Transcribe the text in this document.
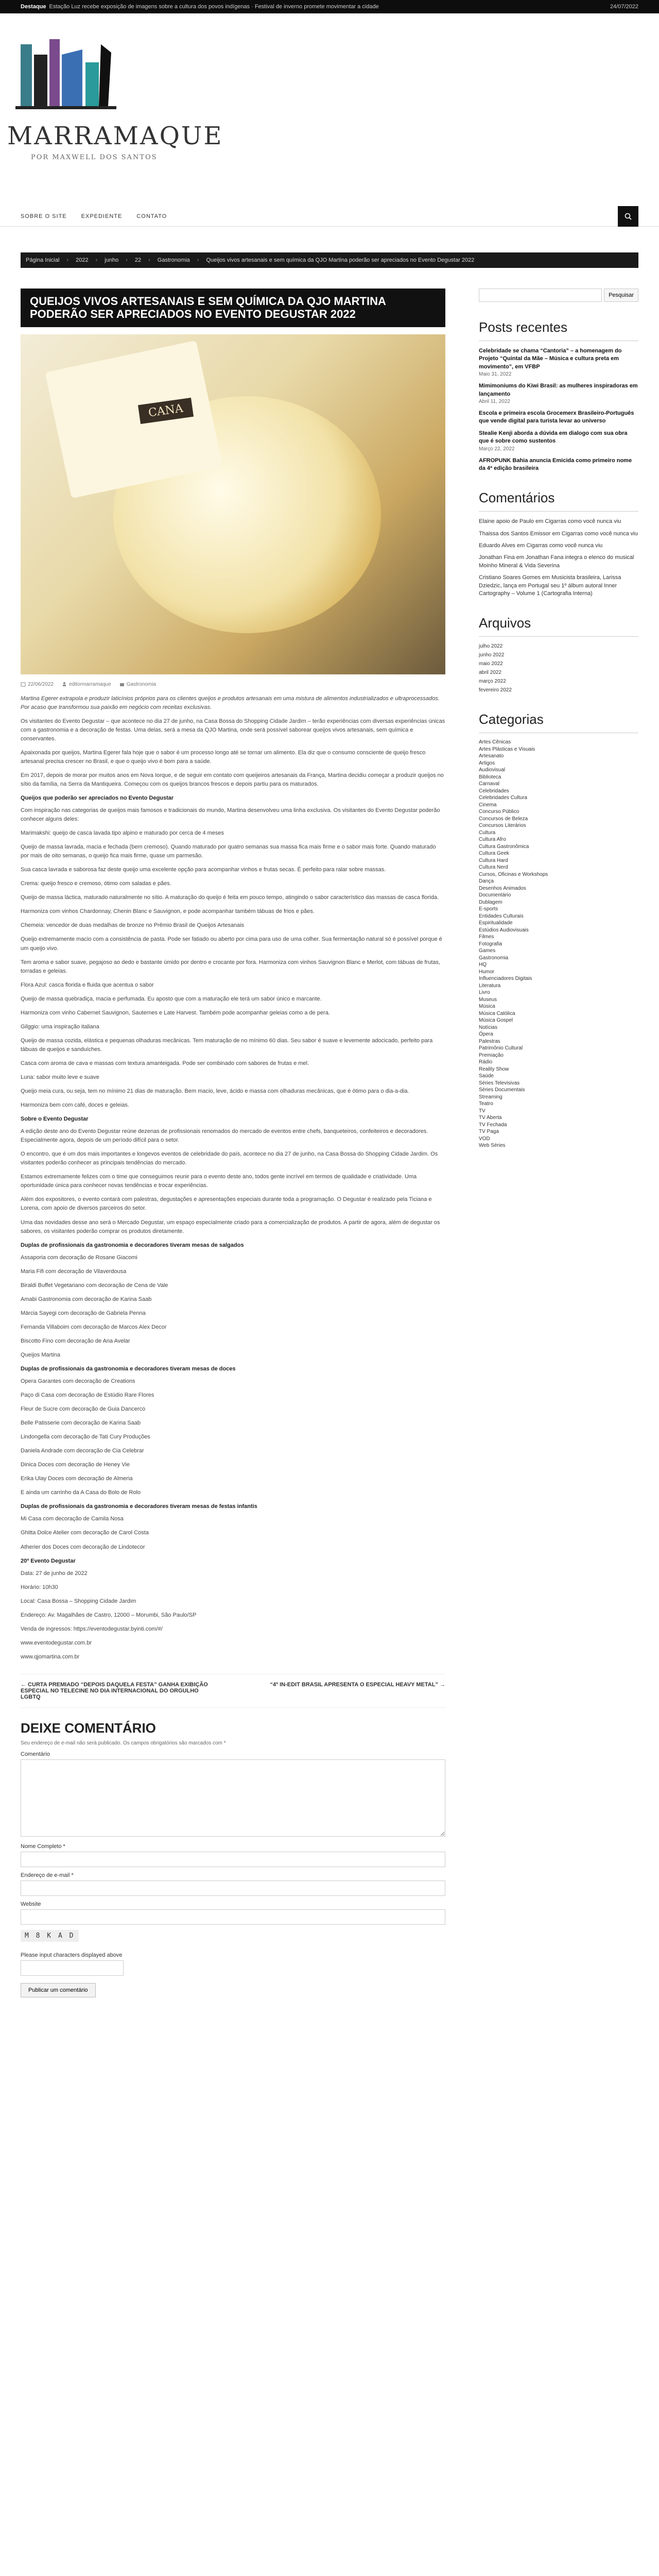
Destaque Estação Luz recebe exposição de imagens sobre a cultura dos povos indígenas · Festival de inverno promete movimentar a cidade	24/07/2022
MARRAMAQUE
POR MAXWELL DOS SANTOS
SOBRE O SITE	EXPEDIENTE	CONTATO
Página Inicial › 2022 › junho › 22 › Gastronomia › Queijos vivos artesanais e sem química da QJO Martina poderão ser apreciados no Evento Degustar 2022
QUEIJOS VIVOS ARTESANAIS E SEM QUÍMICA DA QJO MARTINA PODERÃO SER APRECIADOS NO EVENTO DEGUSTAR 2022
CANA
22/06/2022	editormarramaque	Gastronomia

Martina Egerer extrapola e produzir laticínios próprios para os clientes queijos e produtos artesanais em uma mistura de alimentos industrializados e ultraprocessados. Por acaso que transformou sua paixão em negócio com receitas exclusivas.

Os visitantes do Evento Degustar – que acontece no dia 27 de junho, na Casa Bossa do Shopping Cidade Jardim – terão experiências com diversas experiências únicas com a gastronomia e a decoração de festas. Uma delas, será a mesa da QJO Martina, onde será possível saborear queijos vivos artesanais, sem química e conservantes.

Apaixonada por queijos, Martina Egerer fala hoje que o sabor é um processo longo até se tornar um alimento. Ela diz que o consumo consciente de queijo fresco artesanal precisa crescer no Brasil, e que o queijo vivo é bom para a saúde.

Em 2017, depois de morar por muitos anos em Nova Iorque, e de seguir em contato com queijeiros artesanais da França, Martina decidiu começar a produzir queijos no sítio da família, na Serra da Mantiqueira. Começou com os queijos brancos frescos e depois partiu para os maturados.

Queijos que poderão ser apreciados no Evento Degustar

Com inspiração nas categorias de queijos mais famosos e tradicionais do mundo, Martina desenvolveu uma linha exclusiva. Os visitantes do Evento Degustar poderão conhecer alguns deles:

Marimakshi: queijo de casca lavada tipo alpino e maturado por cerca de 4 meses

Queijo de massa lavrada, macia e fechada (bem cremoso). Quando maturado por quatro semanas sua massa fica mais firme e o sabor mais forte. Quando maturado por mais de oito semanas, o queijo fica mais firme, quase um parmesão.

Sua casca lavrada e saborosa faz deste queijo uma excelente opção para acompanhar vinhos e frutas secas. É perfeito para ralar sobre massas.

Crema: queijo fresco e cremoso, ótimo com saladas e pães.

Queijo de massa láctica, maturado naturalmente no sítio. A maturação do queijo é feita em pouco tempo, atingindo o sabor característico das massas de casca florida.

Harmoniza com vinhos Chardonnay, Chenin Blanc e Sauvignon, e pode acompanhar também tábuas de frios e pães.

Chemeia: vencedor de duas medalhas de bronze no Prêmio Brasil de Queijos Artesanais

Queijo extremamente macio com a consistência de pasta. Pode ser fatiado ou aberto por cima para uso de uma colher. Sua fermentação natural só é possível porque é um queijo vivo.

Tem aroma e sabor suave, pegajoso ao dedo e bastante úmido por dentro e crocante por fora. Harmoniza com vinhos Sauvignon Blanc e Merlot, com tábuas de frutas, torradas e geleias.

Flora Azul: casca florida e fluida que acentua o sabor

Queijo de massa quebradiça, macia e perfumada. Eu aposto que com a maturação ele terá um sabor único e marcante.

Harmoniza com vinho Cabernet Sauvignon, Sauternes e Late Harvest. Também pode acompanhar geleias como a de pera.

Gilggio: uma inspiração italiana

Queijo de massa cozida, elástica e pequenas olhaduras mecânicas. Tem maturação de no mínimo 60 dias. Seu sabor é suave e levemente adocicado, perfeito para tábuas de queijos e sanduíches.

Casca com aroma de cava e massas com textura amanteigada. Pode ser combinado com sabores de frutas e mel.

Luna: sabor muito leve e suave

Queijo meia cura, ou seja, tem no mínimo 21 dias de maturação. Bem macio, leve, ácido e massa com olhaduras mecânicas, que é ótimo para o dia-a-dia.

Harmoniza bem com café, doces e geleias.

Sobre o Evento Degustar

A edição deste ano do Evento Degustar reúne dezenas de profissionais renomados do mercado de eventos entre chefs, banqueteiros, confeiteiros e decoradores. Especialmente agora, depois de um período difícil para o setor.

O encontro, que é um dos mais importantes e longevos eventos de celebridade do país, acontece no dia 27 de junho, na Casa Bossa do Shopping Cidade Jardim. Os visitantes poderão conhecer as principais tendências do mercado.

Estamos extremamente felizes com o time que conseguimos reunir para o evento deste ano, todos gente incrível em termos de qualidade e criatividade. Uma oportunidade única para conhecer novas tendências e trocar experiências.

Além dos expositores, o evento contará com palestras, degustações e apresentações especiais durante toda a programação. O Degustar é realizado pela Ticiana e Lorena, com apoio de diversos parceiros do setor.

Uma das novidades desse ano será o Mercado Degustar, um espaço especialmente criado para a comercialização de produtos. A partir de agora, além de degustar os sabores, os visitantes poderão comprar os produtos diretamente.

Duplas de profissionais da gastronomia e decoradores tiveram mesas de salgados

Assaporia com decoração de Rosane Giacomi

Maria Fifi com decoração de Vilaverdousa

Biraldi Buffet Vegetariano com decoração de Cena de Vale

Amabi Gastronomia com decoração de Karina Saab

Márcia Sayegi com decoração de Gabriela Penna

Fernanda Villaboim com decoração de Marcos Alex Decor

Biscotto Fino com decoração de Ana Avelar

Queijos Martina

Duplas de profissionais da gastronomia e decoradores tiveram mesas de doces

Opera Garantes com decoração de Creations

Paço di Casa com decoração de Estúdio Rare Flores

Fleur de Sucre com decoração de Guia Dancerco

Belle Patisserie com decoração de Karina Saab

Lindongella com decoração de Tati Cury Produções

Daniela Andrade com decoração de Cia Celebrar

Dinica Doces com decoração de Heney Vie

Erika Ulay Doces com decoração de Almeria

E ainda um carrinho da A Casa do Bolo de Rolo

Duplas de profissionais da gastronomia e decoradores tiveram mesas de festas infantis

Mi Casa com decoração de Camila Nosa

Ghitta Dolce Atelier com decoração de Carol Costa

Atherier dos Doces com decoração de Lindotecor

20º Evento Degustar

Data: 27 de junho de 2022

Horário: 10h30

Local: Casa Bossa – Shopping Cidade Jardim

Endereço: Av. Magalhães de Castro, 12000 – Morumbi, São Paulo/SP

Venda de ingressos: https://eventodegustar.byinti.com/#/

www.eventodegustar.com.br

www.qjomartina.com.br

← CURTA PREMIADO “DEPOIS DAQUELA FESTA” GANHA EXIBIÇÃO ESPECIAL NO TELECINE NO DIA INTERNACIONAL DO ORGULHO LGBTQ
“4º IN-EDIT BRASIL APRESENTA O ESPECIAL HEAVY METAL” →
DEIXE COMENTÁRIO

Seu endereço de e-mail não será publicado. Os campos obrigatórios são marcados com *

Comentário
Nome Completo *
Endereço de e-mail *
Website
M 8 K A D
Please input characters displayed above
Publicar um comentário
Pesquisar
Posts recentes
Celebridade se chama “Cantoria” – a homenagem do Projeto “Quintal da Mãe – Música e cultura preta em movimento”, em VFBP
Maio 31, 2022
Mimimoniums do Kiwi Brasil: as mulheres inspiradoras em lançamento
Abril 11, 2022
Escola e primeira escola Grocemerx Brasileiro-Português que vende digital para turista levar ao universo
Stealie Kenji aborda a dúvida em dialogo com sua obra que é sobre como sustentos
Março 22, 2022
AFROPUNK Bahia anuncia Emicida como primeiro nome da 4ª edição brasileira
Comentários
Elaine apoio de Paulo em Cigarras como você nunca viu
Thaissa dos Santos Emissor em Cigarras como você nunca viu
Eduardo Alves em Cigarras como você nunca viu
Jonathan Fina em Jonathan Fana integra o elenco do musical Moinho Mineral & Vida Severina
Cristiano Soares Gomes em Musicista brasileira, Larissa Dziedzic, lança em Portugal seu 1º álbum autoral Inner Cartography – Volume 1 (Cartografia Interna)
Arquivos
julho 2022
junho 2022
maio 2022
abril 2022
março 2022
fevereiro 2022
Categorias
Artes Cênicas
Artes Plásticas e Visuais
Artesanato
Artigos
Audiovisual
Biblioteca
Carnaval
Celebridades
Celebridades Cultura
Cinema
Concurso Público
Concursos de Beleza
Concursos Literários
Cultura
Cultura Afro
Cultura Gastronômica
Cultura Geek
Cultura Hard
Cultura Nerd
Cursos, Oficinas e Workshops
Dança
Desenhos Animados
Documentário
Dublagem
E-sports
Entidades Culturais
Espiritualidade
Estúdios Audiovisuais
Filmes
Fotografia
Games
Gastronomia
HQ
Humor
Influenciadores Digitais
Literatura
Livro
Museus
Música
Música Católica
Música Gospel
Notícias
Ópera
Palestras
Patrimônio Cultural
Premiação
Rádio
Reality Show
Saúde
Séries Televisivas
Séries Documentais
Streaming
Teatro
TV
TV Aberta
TV Fechada
TV Paga
VOD
Web Séries
